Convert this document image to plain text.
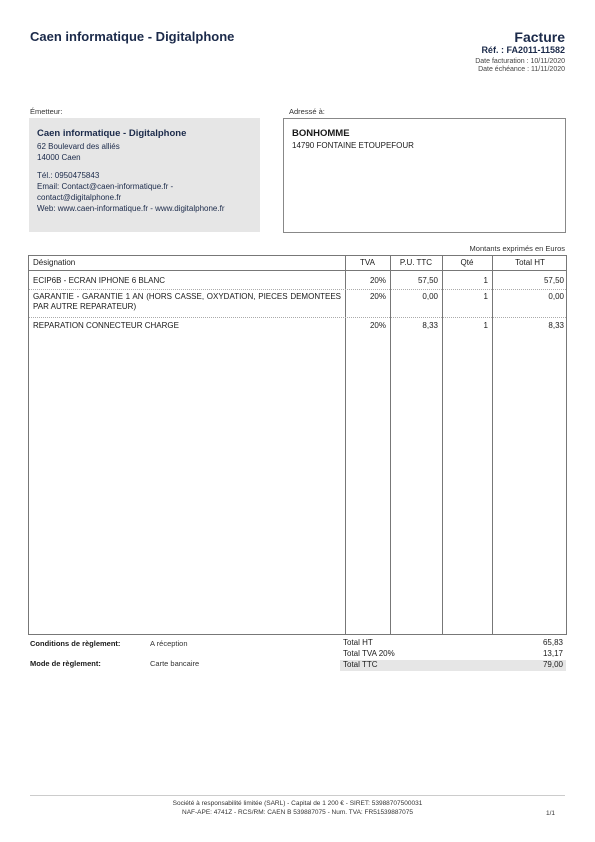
Caen informatique - Digitalphone	Facture
Réf. : FA2011-11582
Date facturation : 10/11/2020
Date échéance : 11/11/2020
Émetteur:	Adressé à:
Caen informatique - Digitalphone
62 Boulevard des alliés
14000 Caen
Tél.: 0950475843
Email: Contact@caen-informatique.fr -
contact@digitalphone.fr
Web: www.caen-informatique.fr - www.digitalphone.fr
BONHOMME
14790 FONTAINE ETOUPEFOUR
Montants exprimés en Euros
Désignation	TVA	P.U. TTC	Qté	Total HT
ECIP6B - ECRAN IPHONE 6 BLANC	20%	57,50	1	57,50
GARANTIE - GARANTIE 1 AN (HORS CASSE, OXYDATION, PIECES DEMONTEES PAR AUTRE REPARATEUR)
20%	0,00	1	0,00
REPARATION CONNECTEUR CHARGE	20%	8,33	1	8,33
Conditions de règlement:	A réception
Mode de règlement:	Carte bancaire
Total HT	65,83
Total TVA 20%	13,17
Total TTC	79,00
Société à responsabilité limitée (SARL) - Capital de 1 200 € - SIRET: 53988707500031
NAF-APE: 4741Z - RCS/RM: CAEN B 539887075 - Num. TVA: FR51539887075	1/1
